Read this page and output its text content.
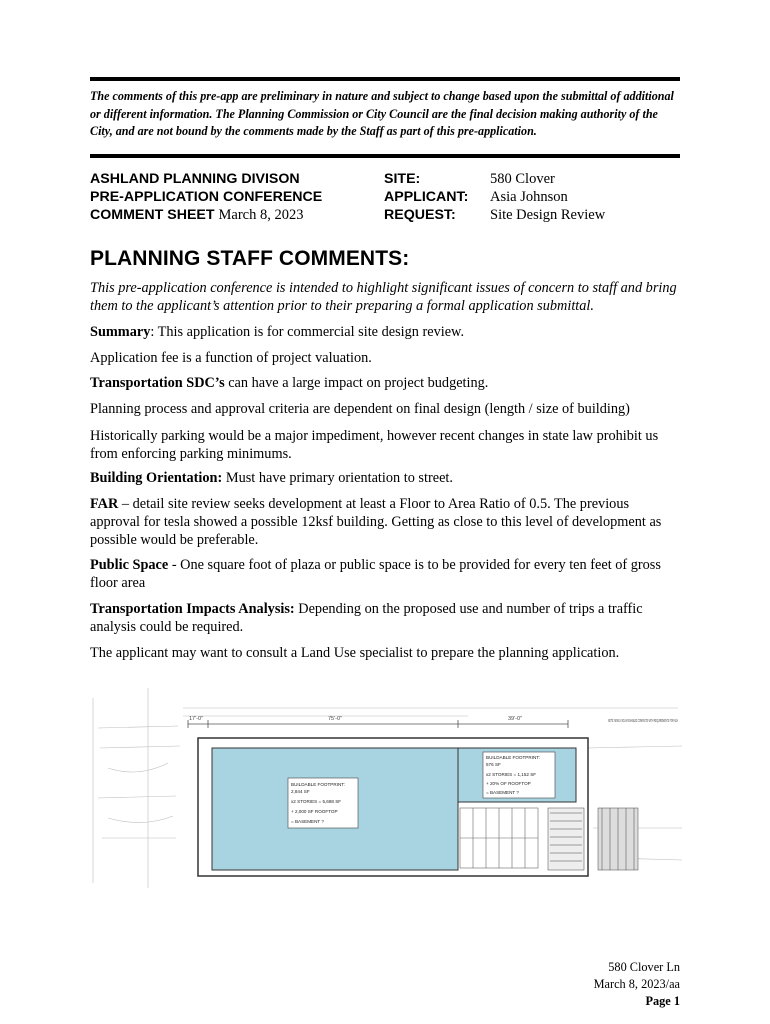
The comments of this pre-app are preliminary in nature and subject to change based upon the submittal of additional or different information. The Planning Commission or City Council are the final decision making authority of the City, and are not bound by the comments made by the Staff as part of this pre-application.
ASHLAND PLANNING DIVISON
PRE-APPLICATION CONFERENCE
COMMENT SHEET March 8, 2023
SITE:
APPLICANT:
REQUEST:
580 Clover
Asia Johnson
Site Design Review
PLANNING STAFF COMMENTS:
This pre-application conference is intended to highlight significant issues of concern to staff and bring them to the applicant’s attention prior to their preparing a formal application submittal.
Summary: This application is for commercial site design review.
Application fee is a function of project valuation.
Transportation SDC’s can have a large impact on project budgeting.
Planning process and approval criteria are dependent on final design (length / size of building)
Historically parking would be a major impediment, however recent changes in state law prohibit us from enforcing parking minimums.
Building Orientation: Must have primary orientation to street.
FAR – detail site review seeks development at least a Floor to Area Ratio of 0.5. The previous approval for tesla showed a possible 12ksf building. Getting as close to this level of development as possible would be preferable.
Public Space - One square foot of plaza or public space is to be provided for every ten feet of gross floor area
Transportation Impacts Analysis: Depending on the proposed use and number of trips a traffic analysis could be required.
The applicant may want to consult a Land Use specialist to prepare the planning application.
17'-0"	75'-0"	39'-0"
BUILDABLE FOOTPRINT:
2,844 SF
x2 STORIES = 5,688 SF
+ 2,000 SF ROOFTOP
= BASEMENT ?
BUILDABLE FOOTPRINT:
576 SF
x2 STORIES = 1,152 SF
+ 20% OF ROOFTOP
= BASEMENT ?
NOTE: NEWLY SOLAR ENABLED COMPLETE WITH REQUIREMENTS FOR ADA
580 Clover Ln
March 8, 2023/aa
Page 1
